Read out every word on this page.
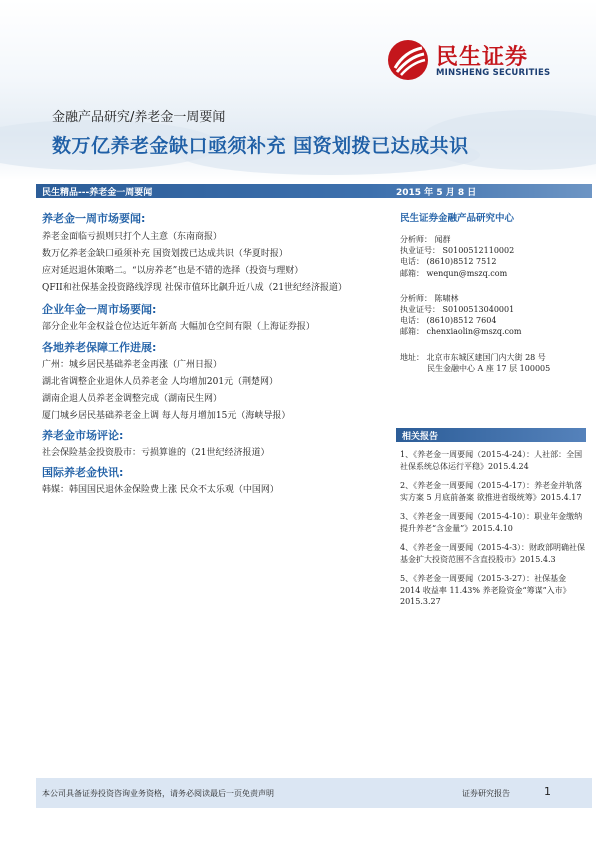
民生证券
MINSHENG SECURITIES
金融产品研究/养老金一周要闻
数万亿养老金缺口亟须补充 国资划拨已达成共识
民生精品---养老金一周要闻	2015 年 5 月 8 日

养老金一周市场要闻:

养老金面临亏损则只打个人主意（东南商报）

数万亿养老金缺口亟须补充 国资划拨已达成共识（华夏时报）

应对延迟退休策略二。“以房养老”也是不错的选择（投资与理财）

QFII和社保基金投资路线浮现 社保市值环比飙升近八成（21世纪经济报道）

企业年金一周市场要闻:

部分企业年金权益仓位达近年新高 大幅加仓空间有限（上海证券报）

各地养老保障工作进展:

广州：城乡居民基础养老金再涨（广州日报）

湖北省调整企业退休人员养老金 人均增加201元（荆楚网）

湖南企退人员养老金调整完成（湖南民生网）

厦门城乡居民基础养老金上调 每人每月增加15元（海峡导报）

养老金市场评论:

社会保险基金投资股市：亏损算谁的（21世纪经济报道）

国际养老金快讯:

韩媒：韩国国民退休金保险费上涨 民众不太乐观（中国网）

民生证券金融产品研究中心

分析师： 闻群

执业证号： S0100512110002

电话： (8610)8512 7512

邮箱： wenqun@mszq.com

分析师： 陈啸林

执业证号： S0100513040001

电话： (8610)8512 7604

邮箱： chenxiaolin@mszq.com

地址： 北京市东城区建国门内大街 28 号

民生金融中心 A 座 17 层 100005

相关报告

1、《养老金一周要闻（2015-4-24）：人社部：全国社保系统总体运行平稳》2015.4.24

2、《养老金一周要闻（2015-4-17）：养老金并轨落实方案 5 月底前备案 欲推进省级统筹》2015.4.17

3、《养老金一周要闻（2015-4-10）：职业年金缴纳提升养老“含金量”》2015.4.10

4、《养老金一周要闻（2015-4-3）：财政部明确社保基金扩大投资范围不含直投股市》2015.4.3

5、《养老金一周要闻（2015-3-27）：社保基金 2014 收益率 11.43% 养老险资金“筹谋”入市》2015.3.27

本公司具备证券投资咨询业务资格，请务必阅读最后一页免责声明	证券研究报告	1
